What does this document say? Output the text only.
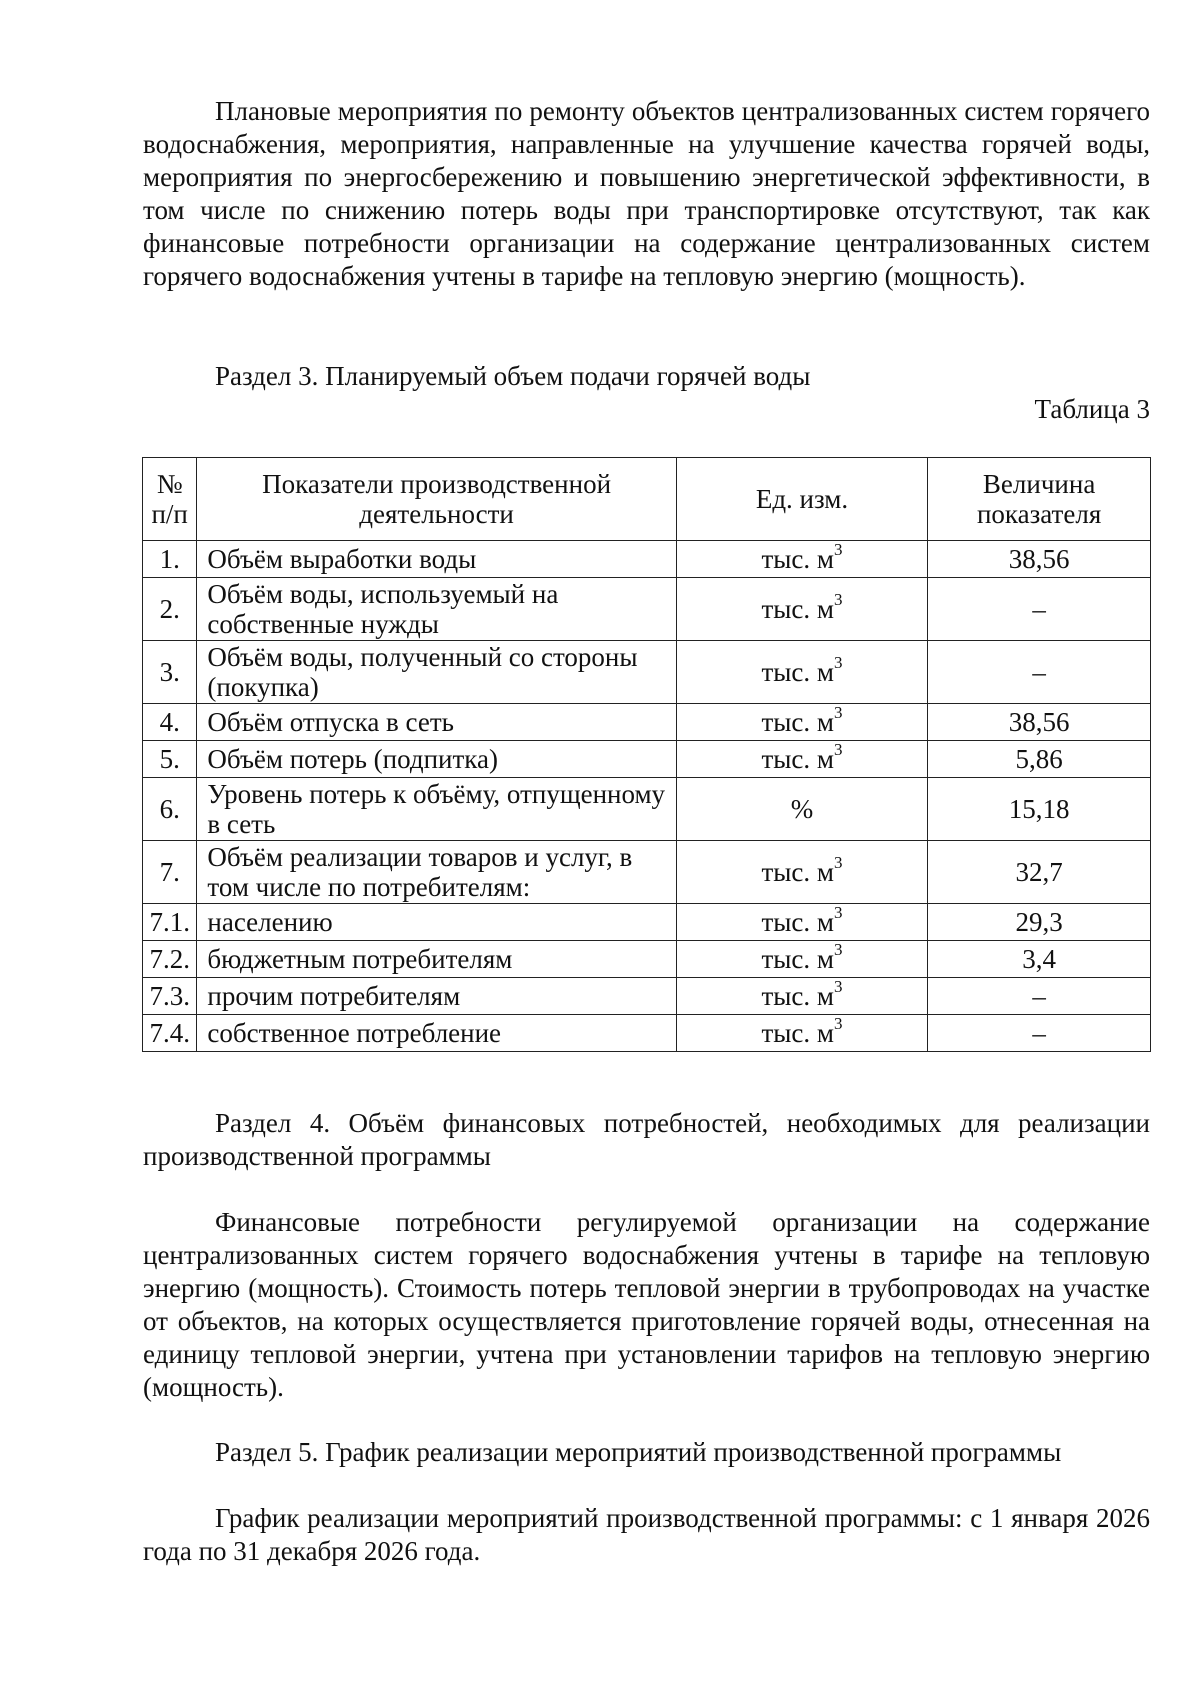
Плановые мероприятия по ремонту объектов централизованных систем горячего водоснабжения, мероприятия, направленные на улучшение качества горячей воды, мероприятия по энергосбережению и повышению энергетической эффективности, в том числе по снижению потерь воды при транспортировке отсутствуют, так как финансовые потребности организации на содержание централизованных систем горячего водоснабжения учтены в тарифе на тепловую энергию (мощность).

Раздел 3. Планируемый объем подачи горячей воды

Таблица 3
№ п/п	Показатели производственной деятельности	Ед. изм.	Величина показателя
1.	Объём выработки воды	тыс. $м^3$	38,56
2.	Объём воды, используемый на собственные нужды	тыс. $м^3$	–
3.	Объём воды, полученный со стороны (покупка)	тыс. $м^3$	–
4.	Объём отпуска в сеть	тыс. $м^3$	38,56
5.	Объём потерь (подпитка)	тыс. $м^3$	5,86
6.	Уровень потерь к объёму, отпущенному в сеть	%	15,18
7.	Объём реализации товаров и услуг, в том числе по потребителям:	тыс. $м^3$	32,7
7.1.	населению	тыс. $м^3$	29,3
7.2.	бюджетным потребителям	тыс. $м^3$	3,4
7.3.	прочим потребителям	тыс. $м^3$	–
7.4.	собственное потребление	тыс. $м^3$	–

Раздел 4. Объём финансовых потребностей, необходимых для реализации производственной программы

Финансовые потребности регулируемой организации на содержание централизованных систем горячего водоснабжения учтены в тарифе на тепловую энергию (мощность). Стоимость потерь тепловой энергии в трубопроводах на участке от объектов, на которых осуществляется приготовление горячей воды, отнесенная на единицу тепловой энергии, учтена при установлении тарифов на тепловую энергию (мощность).

Раздел 5. График реализации мероприятий производственной программы

График реализации мероприятий производственной программы: с 1 января 2026 года по 31 декабря 2026 года.
